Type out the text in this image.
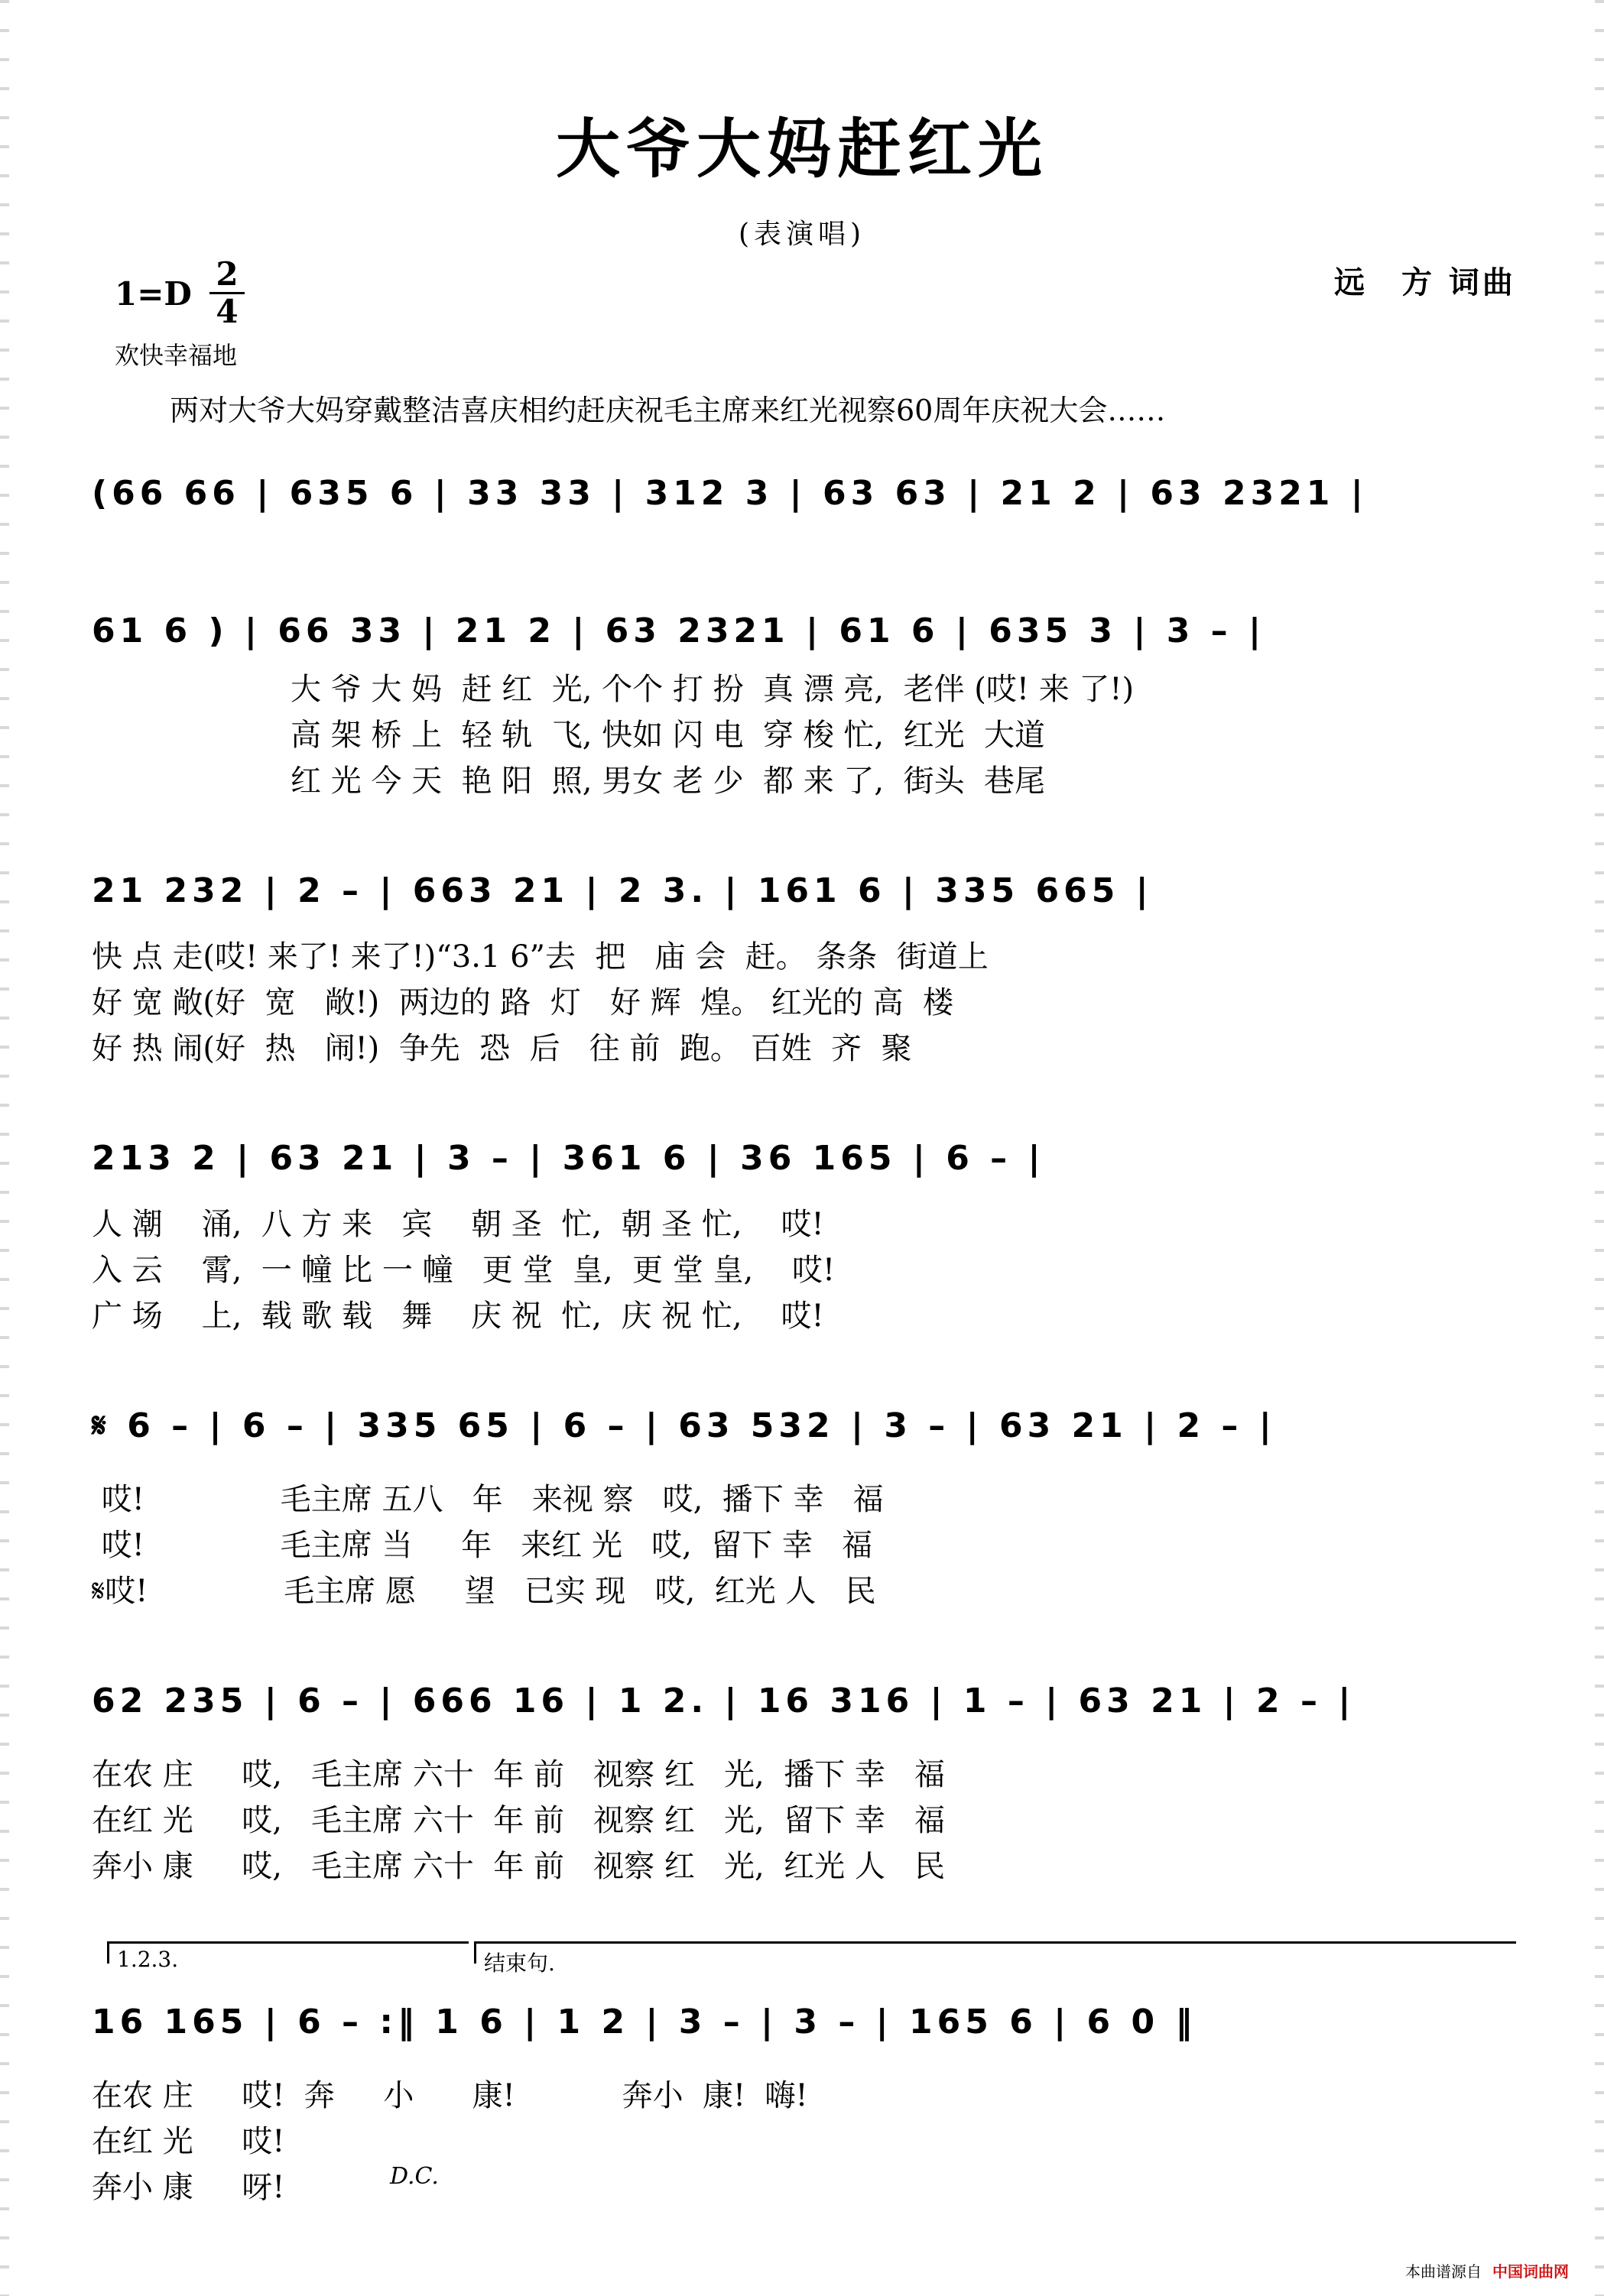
大爷大妈赶红光
(表演唱)
$1=D \frac{2}{4}$	远　方 词曲
欢快幸福地
两对大爷大妈穿戴整洁喜庆相约赶庆祝毛主席来红光视察60周年庆祝大会……
(66 66 | 635 6 | 33 33 | 312 3 | 63 63 | 21 2 | 63 2321 |
61 6 ) | 66 33 | 21 2 | 63 2321 | 61 6 | 635 3 | 3 – |
大 爷 大 妈  赶 红  光, 个个 打 扮  真 漂 亮,  老伴 (哎! 来 了!)
高 架 桥 上  轻 轨  飞, 快如 闪 电  穿 梭 忙,  红光  大道
红 光 今 天  艳 阳  照, 男女 老 少  都 来 了,  街头  巷尾
21 232 | 2 – | 663 21 | 2 3. | 161 6 | 335 665 |
快 点 走(哎! 来了! 来了!)“3.1 6”去  把   庙 会  赶。 条条  街道上
好 宽 敞(好  宽   敞!)  两边的 路  灯   好 辉  煌。 红光的 高  楼
好 热 闹(好  热   闹!)  争先  恐  后   往 前  跑。 百姓  齐  聚
213 2 | 63 21 | 3 – | 361 6 | 36 165 | 6 – |
人 潮    涌,  八 方 来   宾    朝 圣  忙,  朝 圣 忙,    哎!
入 云    霄,  一 幢 比 一 幢   更 堂  皇,  更 堂 皇,    哎!
广 场    上,  载 歌 载   舞    庆 祝  忙,  庆 祝 忙,    哎!
𝄋 6 – | 6 – | 335 65 | 6 – | 63 532 | 3 – | 63 21 | 2 – |
哎!              毛主席 五八   年   来视 察   哎,  播下 幸   福
哎!              毛主席 当     年   来红 光   哎,  留下 幸   福
𝄋哎!              毛主席 愿     望   已实 现   哎,  红光 人   民
62 235 | 6 – | 666 16 | 1 2. | 16 316 | 1 – | 63 21 | 2 – |
在农 庄     哎,   毛主席 六十  年 前   视察 红   光,  播下 幸   福
在红 光     哎,   毛主席 六十  年 前   视察 红   光,  留下 幸   福
奔小 康     哎,   毛主席 六十  年 前   视察 红   光,  红光 人   民
1.2.3.	结束句.
16 165 | 6 – :‖ 1 6 | 1 2 | 3 – | 3 – | 165 6 | 6 0 ‖
在农 庄     哎!  奔     小      康!           奔小  康!  嗨!
在红 光     哎!
奔小 康     呀!	D.C.
本曲谱源自 中国词曲网
